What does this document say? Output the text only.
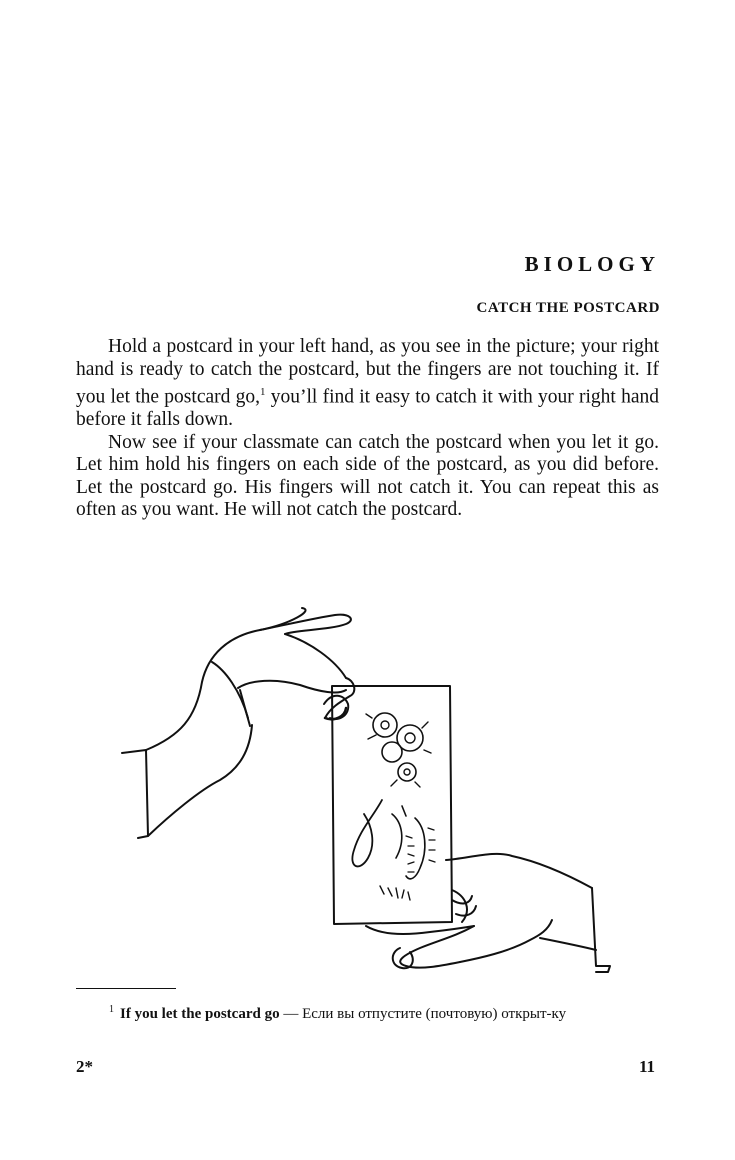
BIOLOGY
CATCH THE POSTCARD

Hold a postcard in your left hand, as you see in the picture; your right hand is ready to catch the postcard, but the fingers are not touching it. If you let the postcard go,$^1$ you’ll find it easy to catch it with your right hand before it falls down.

Now see if your classmate can catch the postcard when you let it go. Let him hold his fingers on each side of the postcard, as you did before. Let the postcard go. His fingers will not catch it. You can repeat this as often as you want. He will not catch the postcard.

$^1$ If you let the postcard go — Если вы отпустите (почтовую) открыт-ку
2*	11
